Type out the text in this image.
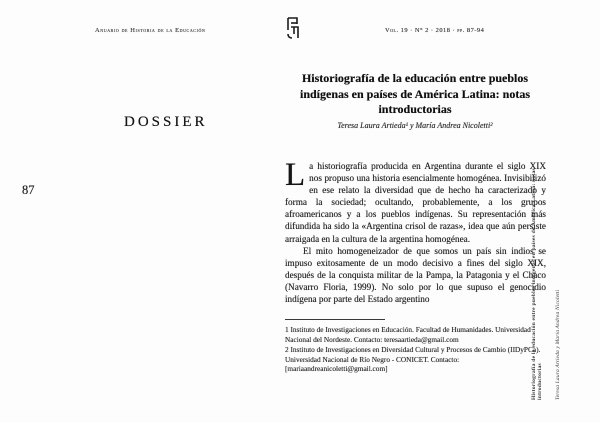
Anuario de Historia de la Educación	Vol. 19 · N° 2 · 2018 · pp. 87-94
DOSSIER
87
Historiografía de la educación entre pueblos indígenas en países de América Latina: notas introductorias
Teresa Laura Artieda¹ y María Andrea Nicoletti²

La historiografía producida en Argentina durante el siglo XIX nos propuso una historia esencialmente homogénea. Invisibilizó en ese relato la diversidad que de hecho ha caracterizado y forma la sociedad; ocultando, probablemente, a los grupos afroamericanos y a los pueblos indígenas. Su representación más difundida ha sido la «Argentina crisol de razas», idea que aún persiste arraigada en la cultura de la argentina homogénea.

El mito homogeneizador de que somos un país sin indios se impuso exitosamente de un modo decisivo a fines del siglo XIX, después de la conquista militar de la Pampa, la Patagonia y el Chaco (Navarro Floria, 1999). No solo por lo que supuso el genocidio indígena por parte del Estado argentino

1 Instituto de Investigaciones en Educación. Facultad de Humanidades. Universidad Nacional del Nordeste. Contacto: teresaartieda@gmail.com

2 Instituto de Investigaciones en Diversidad Cultural y Procesos de Cambio (IIDyPCa). Universidad Nacional de Río Negro - CONICET. Contacto: [mariaandreanicoletti@gmail.com]	Historiografía de la educación entre pueblos indígenas en países de América Latina: notas introductorias Teresa Laura Artieda y María Andrea Nicoletti
